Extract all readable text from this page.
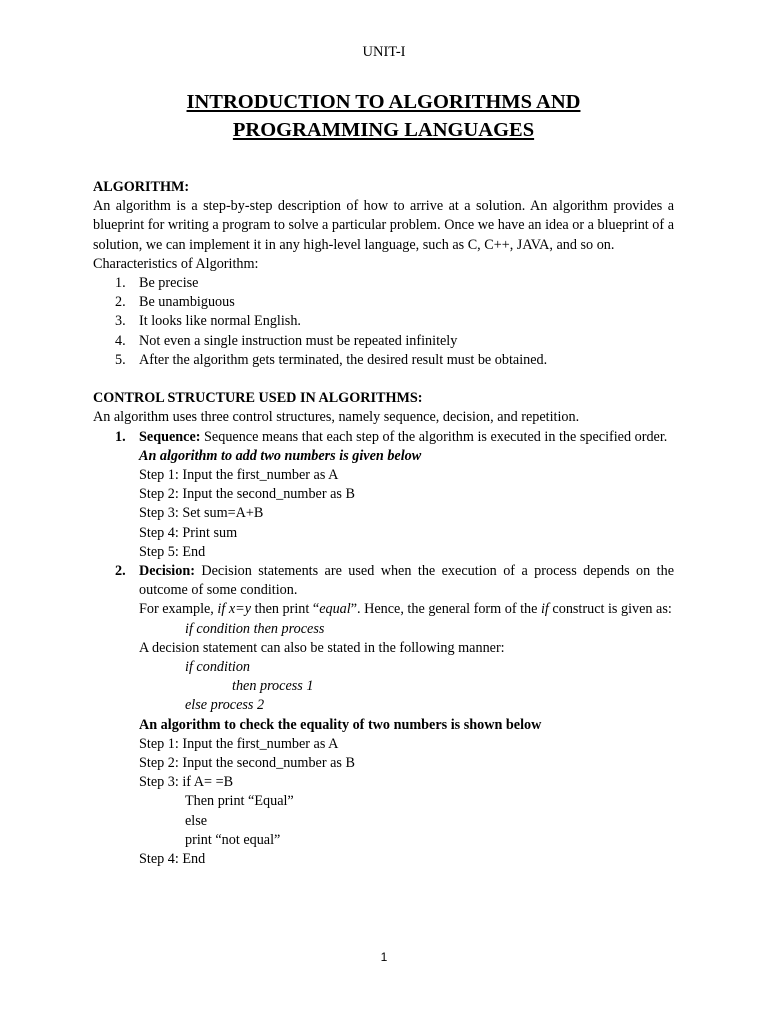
UNIT-I
INTRODUCTION TO ALGORITHMS AND
PROGRAMMING LANGUAGES

ALGORITHM:

An algorithm is a step-by-step description of how to arrive at a solution. An algorithm provides a blueprint for writing a program to solve a particular problem. Once we have an idea or a blueprint of a solution, we can implement it in any high-level language, such as C, C++, JAVA, and so on.

Characteristics of Algorithm:

1. Be precise
2. Be unambiguous
3. It looks like normal English.
4. Not even a single instruction must be repeated infinitely
5. After the algorithm gets terminated, the desired result must be obtained.

CONTROL STRUCTURE USED IN ALGORITHMS:

An algorithm uses three control structures, namely sequence, decision, and repetition.

1. Sequence: Sequence means that each step of the algorithm is executed in the specified order.

An algorithm to add two numbers is given below

Step 1: Input the first_number as A

Step 2: Input the second_number as B

Step 3: Set sum=A+B

Step 4: Print sum

Step 5: End

2. Decision: Decision statements are used when the execution of a process depends on the outcome of some condition.

For example, if x=y then print “equal”. Hence, the general form of the if construct is given as:

if condition then process

A decision statement can also be stated in the following manner:

if condition

then process 1

else process 2

An algorithm to check the equality of two numbers is shown below

Step 1: Input the first_number as A

Step 2: Input the second_number as B

Step 3: if A= =B

Then print “Equal”

else

print “not equal”

Step 4: End

1
